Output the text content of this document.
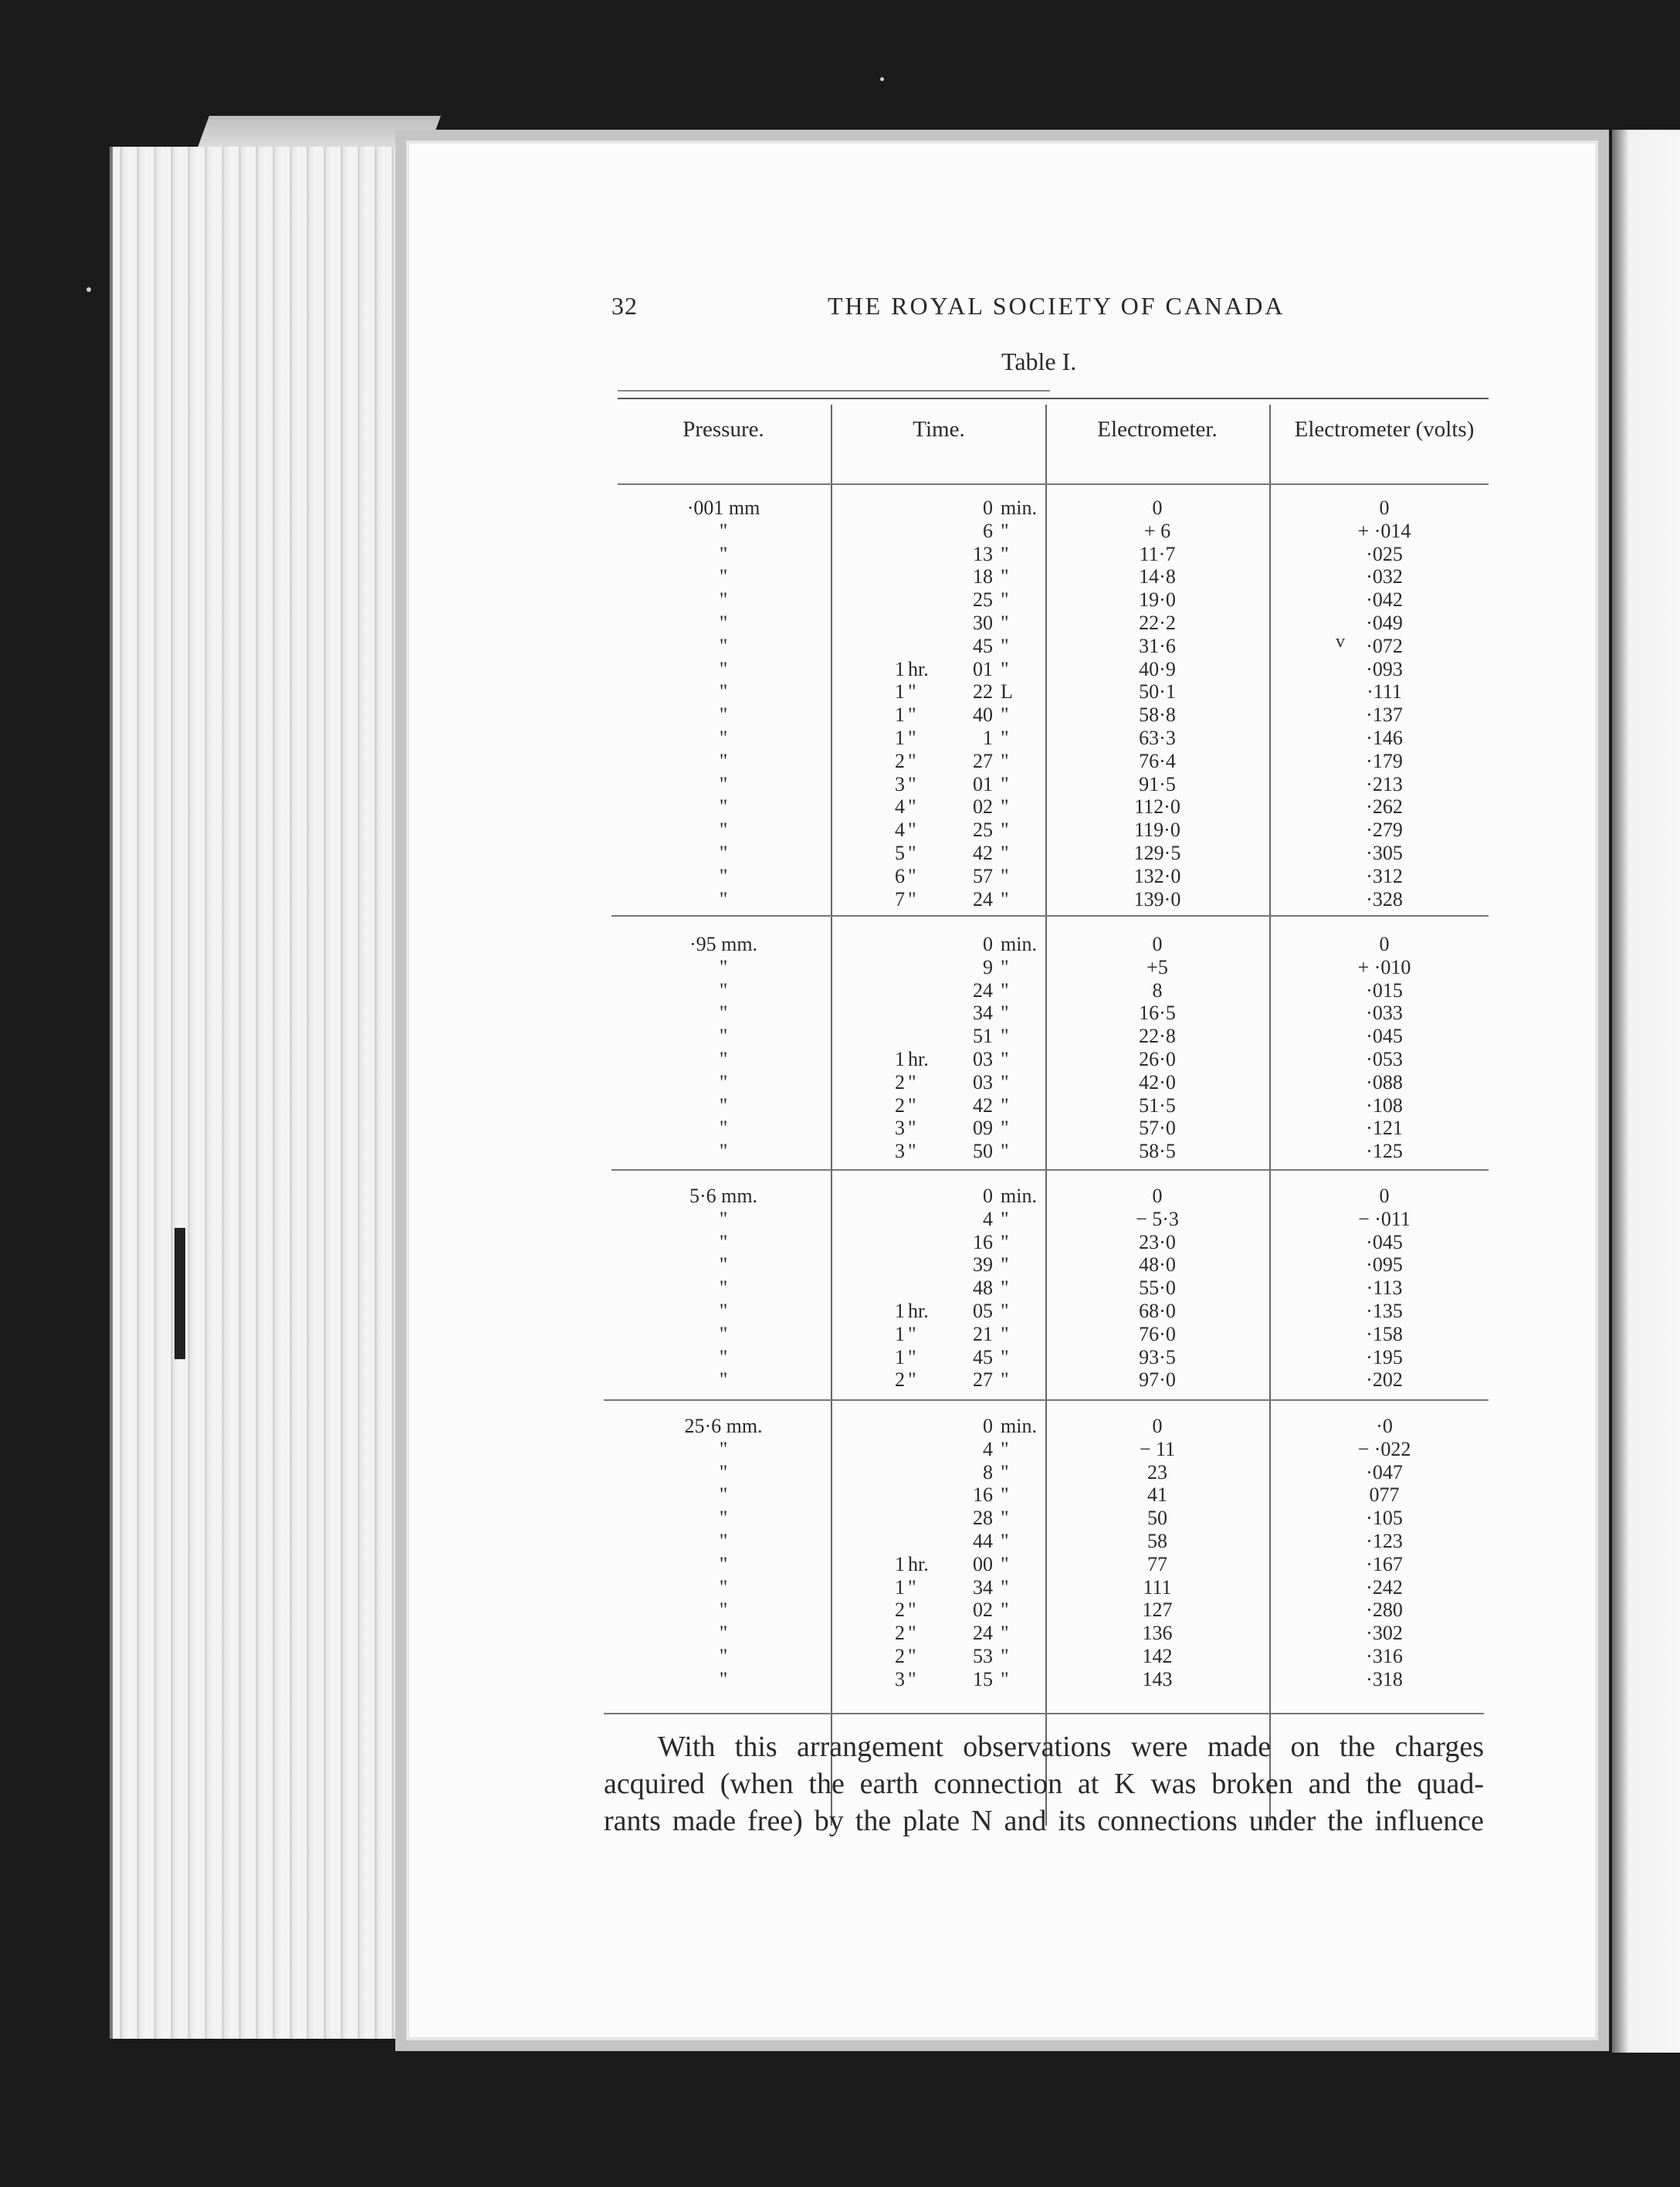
32	THE ROYAL SOCIETY OF CANADA
Table I.
Pressure.	Time.	Electrometer.	Electrometer (volts)
v
·001 mm	0 min.	0	0
"	6 "	+ 6	+ ·014
"	13 "	11·7	·025
"	18 "	14·8	·032
"	25 "	19·0	·042
"	30 "	22·2	·049
"	45 "	31·6	·072
"	1 hr.	01 "	40·9	·093
"	1 "	22 L	50·1	·111
"	1 "	40 "	58·8	·137
"	1 "	1 "	63·3	·146
"	2 "	27 "	76·4	·179
"	3 "	01 "	91·5	·213
"	4 "	02 "	112·0	·262
"	4 "	25 "	119·0	·279
"	5 "	42 "	129·5	·305
"	6 "	57 "	132·0	·312
"	7 "	24 "	139·0	·328
·95 mm.	0 min.	0	0
"	9 "	+5	+ ·010
"	24 "	8	·015
"	34 "	16·5	·033
"	51 "	22·8	·045
"	1 hr.	03 "	26·0	·053
"	2 "	03 "	42·0	·088
"	2 "	42 "	51·5	·108
"	3 "	09 "	57·0	·121
"	3 "	50 "	58·5	·125
5·6 mm.	0 min.	0	0
"	4 "	− 5·3	− ·011
"	16 "	23·0	·045
"	39 "	48·0	·095
"	48 "	55·0	·113
"	1 hr.	05 "	68·0	·135
"	1 "	21 "	76·0	·158
"	1 "	45 "	93·5	·195
"	2 "	27 "	97·0	·202
25·6 mm.	0 min.	0	·0
"	4 "	− 11	− ·022
"	8 "	23	·047
"	16 "	41	077
"	28 "	50	·105
"	44 "	58	·123
"	1 hr.	00 "	77	·167
"	1 "	34 "	111	·242
"	2 "	02 "	127	·280
"	2 "	24 "	136	·302
"	2 "	53 "	142	·316
"	3 "	15 "	143	·318
With this arrangement observations were made on the charges
acquired (when the earth connection at K was broken and the quad-
rants made free) by the plate N and its connections under the influence
